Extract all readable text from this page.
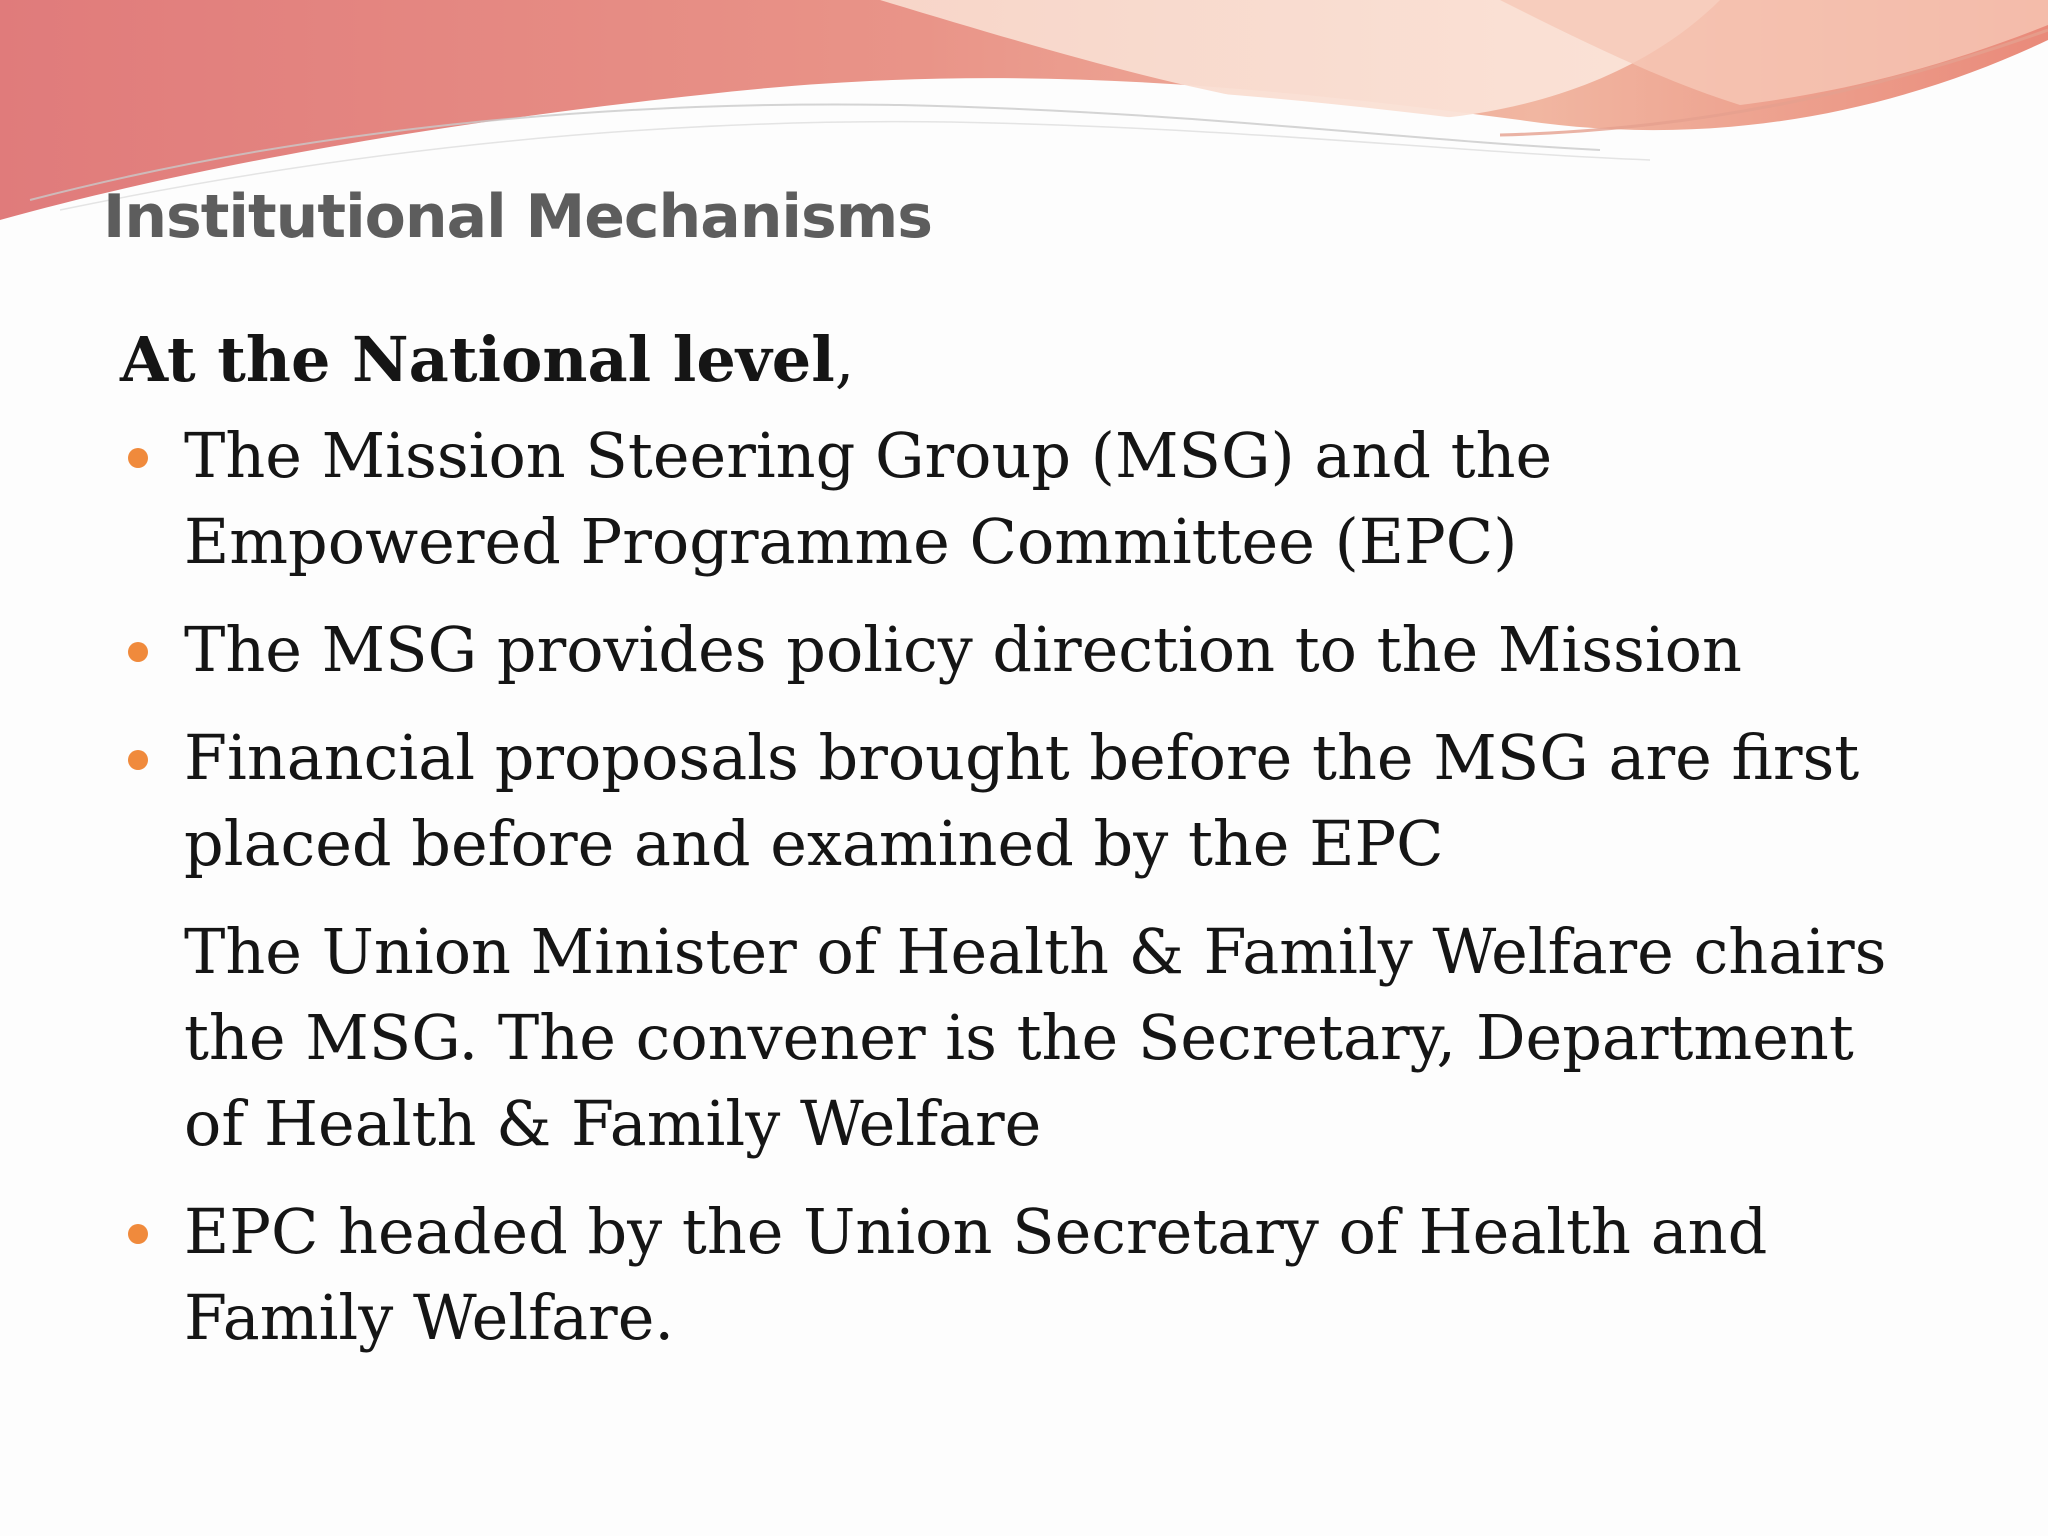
Institutional Mechanisms

At the National level,

The Mission Steering Group (MSG) and the
Empowered Programme Committee (EPC)
The MSG provides policy direction to the Mission
Financial proposals brought before the MSG are first
placed before and examined by the EPC
The Union Minister of Health & Family Welfare chairs
the MSG. The convener is the Secretary, Department
of Health & Family Welfare
EPC headed by the Union Secretary of Health and
Family Welfare.
